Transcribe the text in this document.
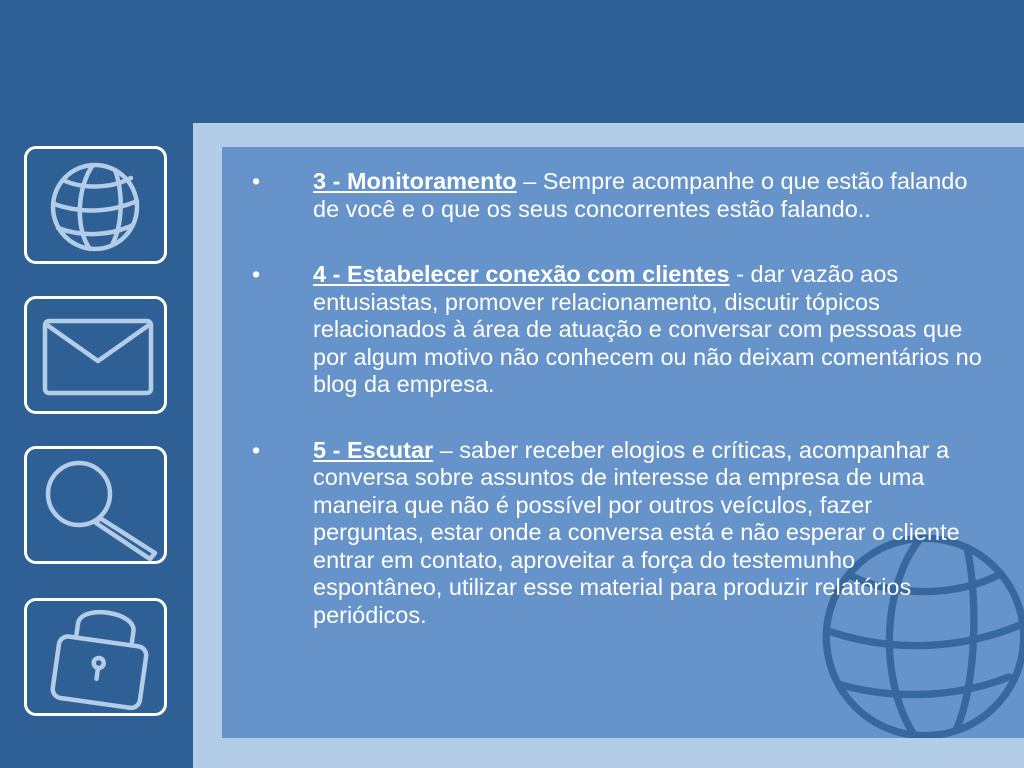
• 3 - Monitoramento – Sempre acompanhe o que estão falando de você e o que os seus concorrentes estão falando..
• 4 - Estabelecer conexão com clientes - dar vazão aos entusiastas, promover relacionamento, discutir tópicos relacionados à área de atuação e conversar com pessoas que por algum motivo não conhecem ou não deixam comentários no blog da empresa.
• 5 - Escutar – saber receber elogios e críticas, acompanhar a conversa sobre assuntos de interesse da empresa de uma maneira que não é possível por outros veículos, fazer perguntas, estar onde a conversa está e não esperar o cliente entrar em contato, aproveitar a força do testemunho espontâneo, utilizar esse material para produzir relatórios periódicos.
